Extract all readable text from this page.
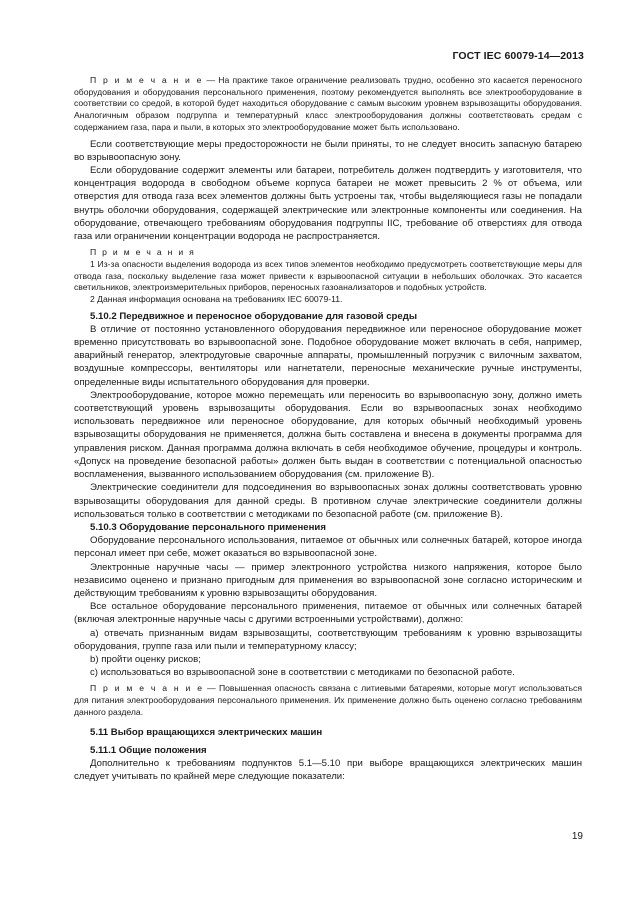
ГОСТ IEC 60079-14—2013

П р и м е ч а н и е — На практике такое ограничение реализовать трудно, особенно это касается переносного оборудования и оборудования персонального применения, поэтому рекомендуется выполнять все электрооборудование в соответствии со средой, в которой будет находиться оборудование с самым высоким уровнем взрывозащиты оборудования. Аналогичным образом подгруппа и температурный класс электрооборудования должны соответствовать средам с содержанием газа, пара и пыли, в которых это электрооборудование может быть использовано.

Если соответствующие меры предосторожности не были приняты, то не следует вносить запасную батарею во взрывоопасную зону.

Если оборудование содержит элементы или батареи, потребитель должен подтвердить у изготовителя, что концентрация водорода в свободном объеме корпуса батареи не может превысить 2 % от объема, или отверстия для отвода газа всех элементов должны быть устроены так, чтобы выделяющиеся газы не попадали внутрь оболочки оборудования, содержащей электрические или электронные компоненты или соединения. На оборудование, отвечающего требованиям оборудования подгруппы IIC, требование об отверстиях для отвода газа или ограничении концентрации водорода не распространяется.

П р и м е ч а н и я

1 Из-за опасности выделения водорода из всех типов элементов необходимо предусмотреть соответствующие меры для отвода газа, поскольку выделение газа может привести к взрывоопасной ситуации в небольших оболочках. Это касается светильников, электроизмерительных приборов, переносных газоанализаторов и подобных устройств.

2 Данная информация основана на требованиях IEC 60079-11.

5.10.2 Передвижное и переносное оборудование для газовой среды

В отличие от постоянно установленного оборудования передвижное или переносное оборудование может временно присутствовать во взрывоопасной зоне. Подобное оборудование может включать в себя, например, аварийный генератор, электродуговые сварочные аппараты, промышленный погрузчик с вилочным захватом, воздушные компрессоры, вентиляторы или нагнетатели, переносные механические ручные инструменты, определенные виды испытательного оборудования для проверки.

Электрооборудование, которое можно перемещать или переносить во взрывоопасную зону, должно иметь соответствующий уровень взрывозащиты оборудования. Если во взрывоопасных зонах необходимо использовать передвижное или переносное оборудование, для которых обычный необходимый уровень взрывозащиты оборудования не применяется, должна быть составлена и внесена в документы программа для управления риском. Данная программа должна включать в себя необходимое обучение, процедуры и контроль. «Допуск на проведение безопасной работы» должен быть выдан в соответствии с потенциальной опасностью воспламенения, вызванного использованием оборудования (см. приложение В).

Электрические соединители для подсоединения во взрывоопасных зонах должны соответствовать уровню взрывозащиты оборудования для данной среды. В противном случае электрические соединители должны использоваться только в соответствии с методиками по безопасной работе (см. приложение В).

5.10.3 Оборудование персонального применения

Оборудование персонального использования, питаемое от обычных или солнечных батарей, которое иногда персонал имеет при себе, может оказаться во взрывоопасной зоне.

Электронные наручные часы — пример электронного устройства низкого напряжения, которое было независимо оценено и признано пригодным для применения во взрывоопасной зоне согласно историческим и действующим требованиям к уровню взрывозащиты оборудования.

Все остальное оборудование персонального применения, питаемое от обычных или солнечных батарей (включая электронные наручные часы с другими встроенными устройствами), должно:

а) отвечать признанным видам взрывозащиты, соответствующим требованиям к уровню взрывозащиты оборудования, группе газа или пыли и температурному классу;

b) пройти оценку рисков;

c) использоваться во взрывоопасной зоне в соответствии с методиками по безопасной работе.

П р и м е ч а н и е — Повышенная опасность связана с литиевыми батареями, которые могут использоваться для питания электрооборудования персонального применения. Их применение должно быть оценено согласно требованиям данного раздела.

5.11 Выбор вращающихся электрических машин

5.11.1 Общие положения

Дополнительно к требованиям подпунктов 5.1—5.10 при выборе вращающихся электрических машин следует учитывать по крайней мере следующие показатели:

19
